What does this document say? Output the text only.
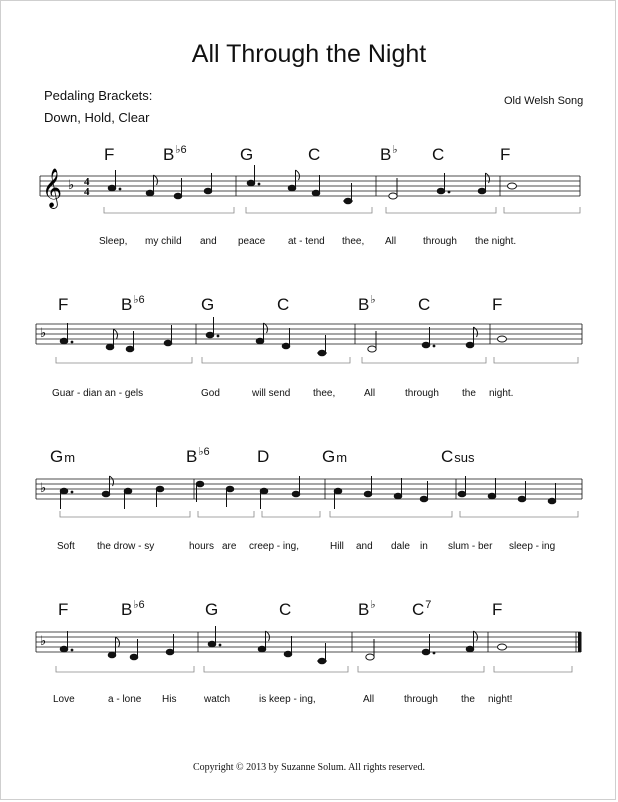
All Through the Night
Pedaling Brackets:
Down, Hold, Clear
Old Welsh Song
F	$B^{♭6}$	G	C	B♭ C	F
𝄞 ♭ 4
4
Sleep, my child and peace at - tend thee, All	through the night.
F	$B^{♭6}$	G	C	B♭ C	F
♭
Guar - dian an - gels	God	will send thee,	All	through the night.
Gm	$B^{♭6}$	D	Gm	Csus
♭
Soft the drow - sy	hours are creep - ing,	Hill and dale in slum - ber sleep - ing
F	$B^{♭6}$	G	C	B♭ $C^7$	F
♭
Love	a - lone His	watch	is keep - ing,	All	through the night!
Copyright © 2013 by Suzanne Solum. All rights reserved.
